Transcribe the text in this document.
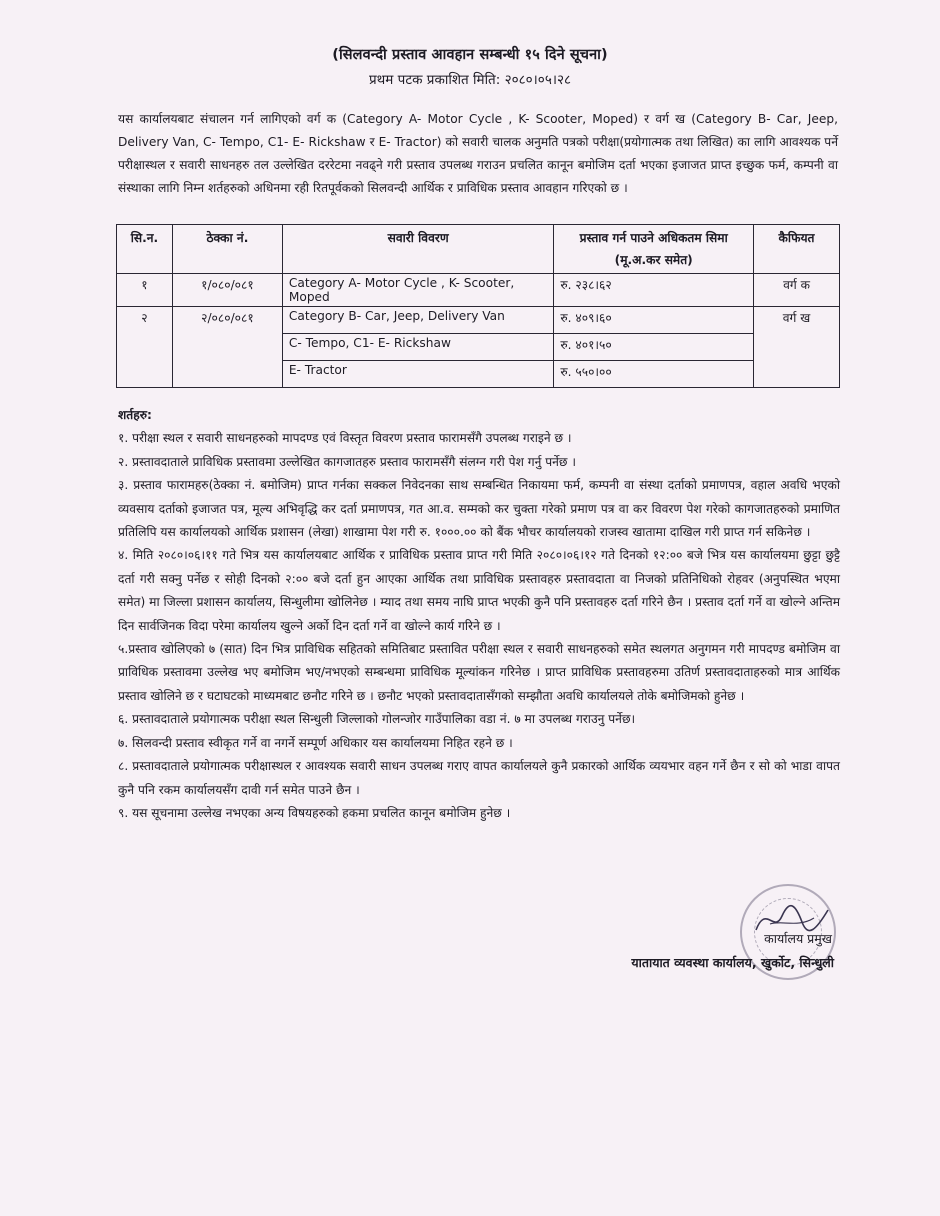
(सिलवन्दी प्रस्ताव आवहान सम्बन्धी १५ दिने सूचना)
प्रथम पटक प्रकाशित मिति: २०८०।०५।२८
यस कार्यालयबाट संचालन गर्न लागिएको वर्ग क (Category A- Motor Cycle , K- Scooter, Moped) र वर्ग ख (Category B- Car, Jeep, Delivery Van, C- Tempo, C1- E- Rickshaw र E- Tractor) को सवारी चालक अनुमति पत्रको परीक्षा(प्रयोगात्मक तथा लिखित) का लागि आवश्यक पर्ने परीक्षास्थल र सवारी साधनहरु तल उल्लेखित दररेटमा नवढ्ने गरी प्रस्ताव उपलब्ध गराउन प्रचलित कानून बमोजिम दर्ता भएका इजाजत प्राप्त इच्छुक फर्म, कम्पनी वा संस्थाका लागि निम्न शर्तहरुको अधिनमा रही रितपूर्वकको सिलवन्दी आर्थिक र प्राविधिक प्रस्ताव आवहान गरिएको छ ।
सि.न.	ठेक्का नं.	सवारी विवरण	प्रस्ताव गर्न पाउने अधिकतम सिमा (मू.अ.कर समेत)	कैफियत
१	१/०८०/०८१	Category A- Motor Cycle , K- Scooter, Moped	रु. २३८।६२	वर्ग क
२	२/०८०/०८१	Category B- Car, Jeep, Delivery Van	रु. ४०९।६०	वर्ग ख
		C- Tempo, C1- E- Rickshaw	रु. ४०१।५०	
		E- Tractor	रु. ५५०।००	

शर्तहरु:

१. परीक्षा स्थल र सवारी साधनहरुको मापदण्ड एवं विस्तृत विवरण प्रस्ताव फारामसँगै उपलब्ध गराइने छ ।

२. प्रस्तावदाताले प्राविधिक प्रस्तावमा उल्लेखित कागजातहरु प्रस्ताव फारामसँगै संलग्न गरी पेश गर्नु पर्नेछ ।

३. प्रस्ताव फारामहरु(ठेक्का नं. बमोजिम) प्राप्त गर्नका सक्कल निवेदनका साथ सम्बन्धित निकायमा फर्म, कम्पनी वा संस्था दर्ताको प्रमाणपत्र, वहाल अवधि भएको व्यवसाय दर्ताको इजाजत पत्र, मूल्य अभिवृद्धि कर दर्ता प्रमाणपत्र, गत आ.व. सम्मको कर चुक्ता गरेको प्रमाण पत्र वा कर विवरण पेश गरेको कागजातहरुको प्रमाणित प्रतिलिपि यस कार्यालयको आर्थिक प्रशासन (लेखा) शाखामा पेश गरी रु. १०००.०० को बैंक भौचर कार्यालयको राजस्व खातामा दाखिल गरी प्राप्त गर्न सकिनेछ ।

४. मिति २०८०।०६।११ गते भित्र यस कार्यालयबाट आर्थिक र प्राविधिक प्रस्ताव प्राप्त गरी मिति २०८०।०६।१२ गते दिनको १२:०० बजे भित्र यस कार्यालयमा छुट्टा छुट्टै दर्ता गरी सक्नु पर्नेछ र सोही दिनको २:०० बजे दर्ता हुन आएका आर्थिक तथा प्राविधिक प्रस्तावहरु प्रस्तावदाता वा निजको प्रतिनिधिको रोहवर (अनुपस्थित भएमा समेत) मा जिल्ला प्रशासन कार्यालय, सिन्धुलीमा खोलिनेछ । म्याद तथा समय नाघि प्राप्त भएकी कुनै पनि प्रस्तावहरु दर्ता गरिने छैन । प्रस्ताव दर्ता गर्ने वा खोल्ने अन्तिम दिन सार्वजिनक विदा परेमा कार्यालय खुल्ने अर्को दिन दर्ता गर्ने वा खोल्ने कार्य गरिने छ ।

५.प्रस्ताव खोलिएको ७ (सात) दिन भित्र प्राविधिक सहितको समितिबाट प्रस्तावित परीक्षा स्थल र सवारी साधनहरुको समेत स्थलगत अनुगमन गरी मापदण्ड बमोजिम वा प्राविधिक प्रस्तावमा उल्लेख भए बमोजिम भए/नभएको सम्बन्धमा प्राविधिक मूल्यांकन गरिनेछ । प्राप्त प्राविधिक प्रस्तावहरुमा उतिर्ण प्रस्तावदाताहरुको मात्र आर्थिक प्रस्ताव खोलिने छ र घटाघटको माध्यमबाट छनौट गरिने छ । छनौट भएको प्रस्तावदातासँगको सम्झौता अवधि कार्यालयले तोके बमोजिमको हुनेछ ।

६. प्रस्तावदाताले प्रयोगात्मक परीक्षा स्थल सिन्धुली जिल्लाको गोलन्जोर गाउँपालिका वडा नं. ७ मा उपलब्ध गराउनु पर्नेछ।

७. सिलवन्दी प्रस्ताव स्वीकृत गर्ने वा नगर्ने सम्पूर्ण अधिकार यस कार्यालयमा निहित रहने छ ।

८. प्रस्तावदाताले प्रयोगात्मक परीक्षास्थल र आवश्यक सवारी साधन उपलब्ध गराए वापत कार्यालयले कुनै प्रकारको आर्थिक व्ययभार वहन गर्ने छैन र सो को भाडा वापत कुनै पनि रकम कार्यालयसँग दावी गर्न समेत पाउने छैन ।

९. यस सूचनामा उल्लेख नभएका अन्य विषयहरुको हकमा प्रचलित कानून बमोजिम हुनेछ ।

कार्यालय प्रमुख
यातायात व्यवस्था कार्यालय, खुर्कोट, सिन्धुली
